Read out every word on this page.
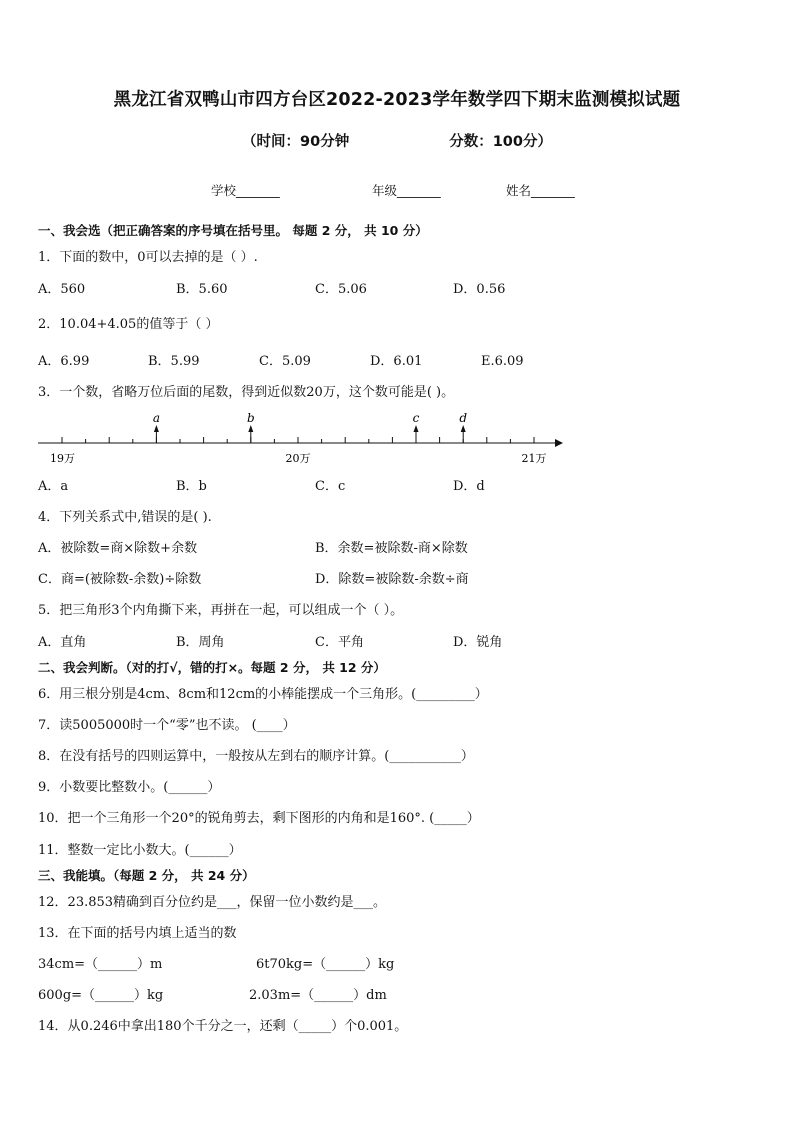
黑龙江省双鸭山市四方台区2022-2023学年数学四下期末监测模拟试题
（时间：90分钟	分数：100分）
学校_______	年级_______	姓名_______
一、我会选（把正确答案的序号填在括号里。 每题 2 分， 共 10 分）
1．下面的数中，0可以去掉的是（ ）.
A．560	B．5.60	C．5.06	D．0.56
2．10.04+4.05的值等于（ ）
A．6.99	B．5.99	C．5.09	D．6.01	E.6.09
3．一个数，省略万位后面的尾数，得到近似数20万，这个数可能是( )。
a	b	c	d
19万	20万	21万
A．a	B．b	C．c	D．d
4．下列关系式中,错误的是( ).
A．被除数=商×除数+余数	B．余数=被除数-商×除数
C．商=(被除数-余数)÷除数	D．除数=被除数-余数÷商
5．把三角形3个内角撕下来，再拼在一起，可以组成一个（ ）。
A．直角	B．周角	C．平角	D．锐角
二、我会判断。（对的打√，错的打×。每题 2 分， 共 12 分）
6．用三根分别是4cm、8cm和12cm的小棒能摆成一个三角形。(_________）
7．读5005000时一个“零”也不读。 (____）
8．在没有括号的四则运算中，一般按从左到右的顺序计算。(___________）
9．小数要比整数小。(______）
10．把一个三角形一个20°的锐角剪去，剩下图形的内角和是160°. (_____）
11．整数一定比小数大。(______）
三、我能填。（每题 2 分， 共 24 分）
12．23.853精确到百分位约是___，保留一位小数约是___。
13．在下面的括号内填上适当的数
34cm=（______）m	6t70kg=（______）kg
600g=（______）kg	2.03m=（______）dm
14．从0.246中拿出180个千分之一，还剩（_____）个0.001。
